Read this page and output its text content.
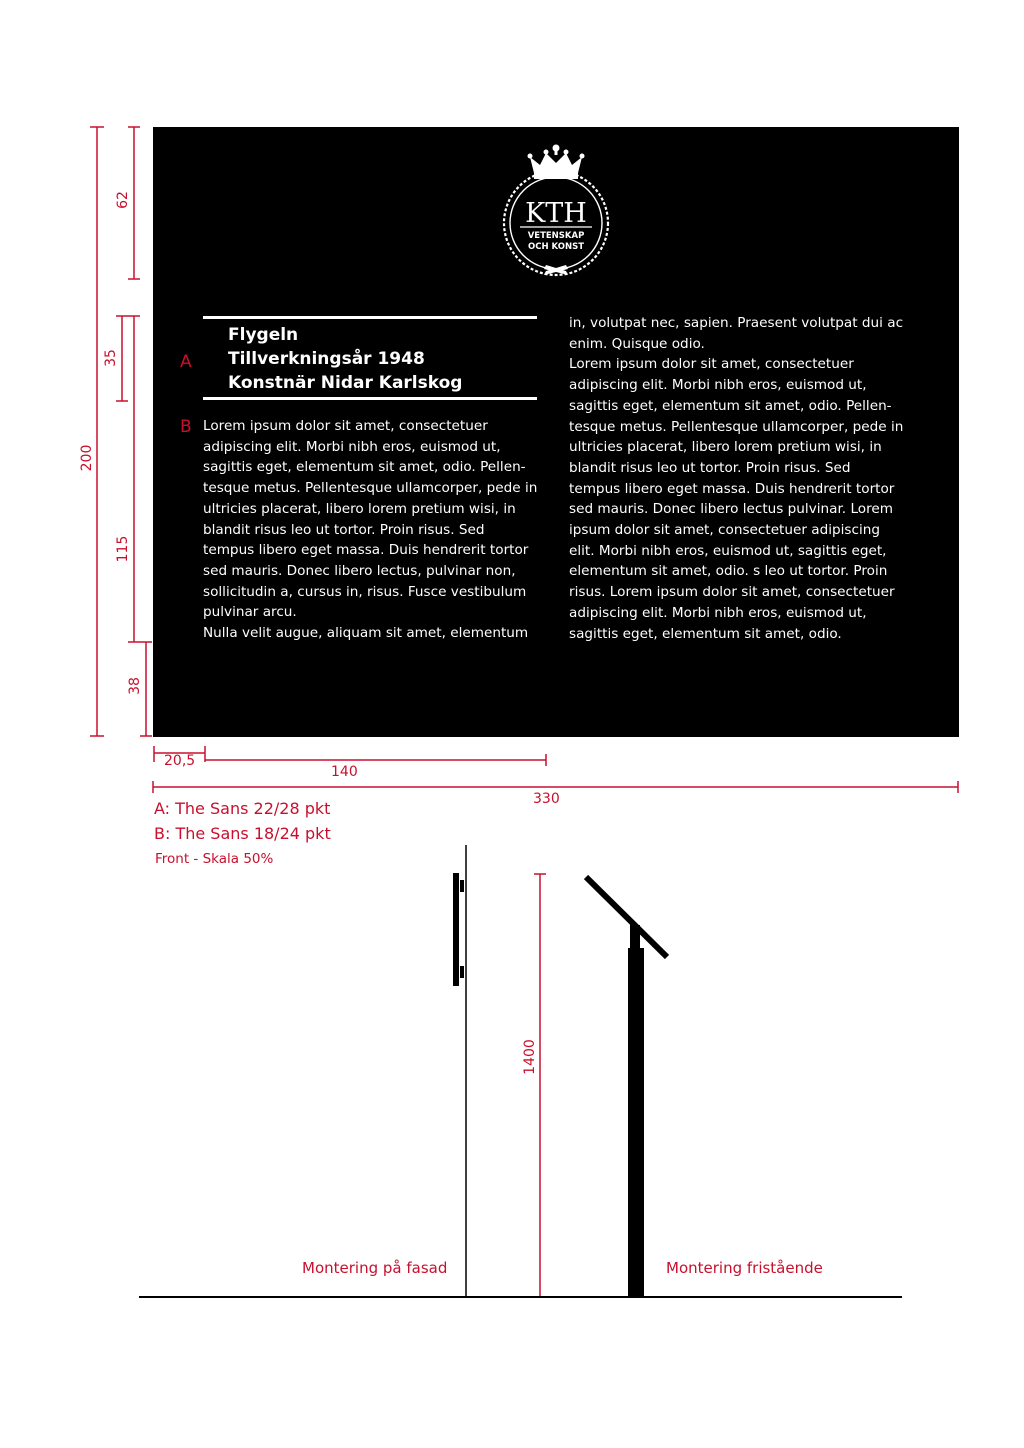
KTH
VETENSKAP
OCH KONST
A
Flygeln
Tillverkningsår 1948
Konstnär Nidar Karlskog
B Lorem ipsum dolor sit amet, consectetuer
adipiscing elit. Morbi nibh eros, euismod ut,
sagittis eget, elementum sit amet, odio. Pellen-
tesque metus. Pellentesque ullamcorper, pede in
ultricies placerat, libero lorem pretium wisi, in
blandit risus leo ut tortor. Proin risus. Sed
tempus libero eget massa. Duis hendrerit tortor
sed mauris. Donec libero lectus, pulvinar non,
sollicitudin a, cursus in, risus. Fusce vestibulum
pulvinar arcu.
Nulla velit augue, aliquam sit amet, elementum
in, volutpat nec, sapien. Praesent volutpat dui ac
enim. Quisque odio.
Lorem ipsum dolor sit amet, consectetuer
adipiscing elit. Morbi nibh eros, euismod ut,
sagittis eget, elementum sit amet, odio. Pellen-
tesque metus. Pellentesque ullamcorper, pede in
ultricies placerat, libero lorem pretium wisi, in
blandit risus leo ut tortor. Proin risus. Sed
tempus libero eget massa. Duis hendrerit tortor
sed mauris. Donec libero lectus pulvinar. Lorem
ipsum dolor sit amet, consectetuer adipiscing
elit. Morbi nibh eros, euismod ut, sagittis eget,
elementum sit amet, odio. s leo ut tortor. Proin
risus. Lorem ipsum dolor sit amet, consectetuer
adipiscing elit. Morbi nibh eros, euismod ut,
sagittis eget, elementum sit amet, odio.
200
62
35
115
38
20,5
140
330
1400
A: The Sans 22/28 pkt
B: The Sans 18/24 pkt
Front - Skala 50%
Montering på fasad	Montering fristående
